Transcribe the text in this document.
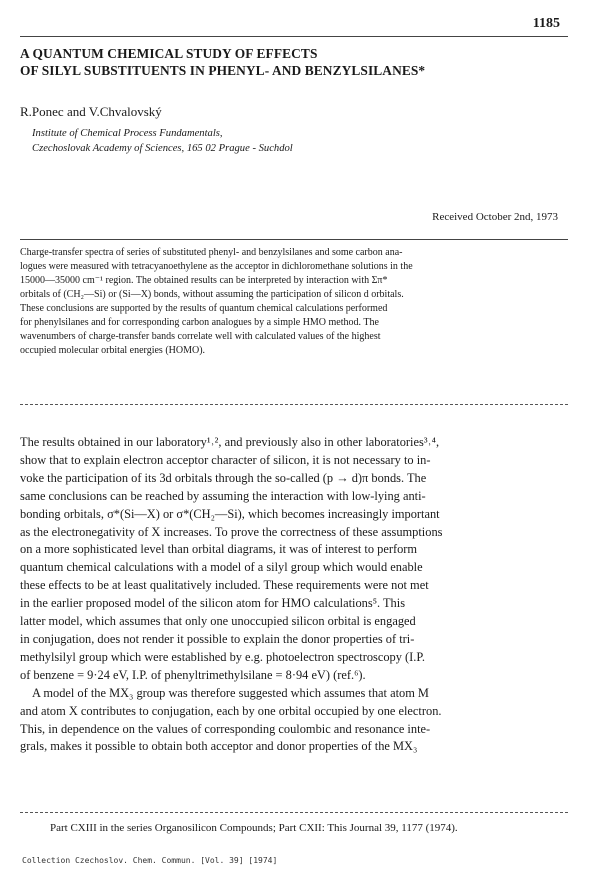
1185
A QUANTUM CHEMICAL STUDY OF EFFECTS
OF SILYL SUBSTITUENTS IN PHENYL- AND BENZYLSILANES*
R.Ponec and V.Chvalovský
Institute of Chemical Process Fundamentals,
Czechoslovak Academy of Sciences, 165 02 Prague - Suchdol
Received October 2nd, 1973
Charge-transfer spectra of series of substituted phenyl- and benzylsilanes and some carbon ana-
logues were measured with tetracyanoethylene as the acceptor in dichloromethane solutions in the
15000—35000 cm⁻¹ region. The obtained results can be interpreted by interaction with Σπ*
orbitals of (CH₂—Si) or (Si—X) bonds, without assuming the participation of silicon d orbitals.
These conclusions are supported by the results of quantum chemical calculations performed
for phenylsilanes and for corresponding carbon analogues by a simple HMO method. The
wavenumbers of charge-transfer bands correlate well with calculated values of the highest
occupied molecular orbital energies (HOMO).
The results obtained in our laboratory¹˒², and previously also in other laboratories³˒⁴,
show that to explain electron acceptor character of silicon, it is not necessary to in-
voke the participation of its 3d orbitals through the so-called (p → d)π bonds. The
same conclusions can be reached by assuming the interaction with low-lying anti-
bonding orbitals, σ*(Si—X) or σ*(CH₂—Si), which becomes increasingly important
as the electronegativity of X increases. To prove the correctness of these assumptions
on a more sophisticated level than orbital diagrams, it was of interest to perform
quantum chemical calculations with a model of a silyl group which would enable
these effects to be at least qualitatively included. These requirements were not met
in the earlier proposed model of the silicon atom for HMO calculations⁵. This
latter model, which assumes that only one unoccupied silicon orbital is engaged
in conjugation, does not render it possible to explain the donor properties of tri-
methylsilyl group which were established by e.g. photoelectron spectroscopy (I.P.
of benzene = 9·24 eV, I.P. of phenyltrimethylsilane = 8·94 eV) (ref.⁶).
A model of the MX₃ group was therefore suggested which assumes that atom M
and atom X contributes to conjugation, each by one orbital occupied by one electron.
This, in dependence on the values of corresponding coulombic and resonance inte-
grals, makes it possible to obtain both acceptor and donor properties of the MX₃
Part CXIII in the series Organosilicon Compounds; Part CXII: This Journal 39, 1177 (1974).
Collection Czechoslov. Chem. Commun. [Vol. 39] [1974]
